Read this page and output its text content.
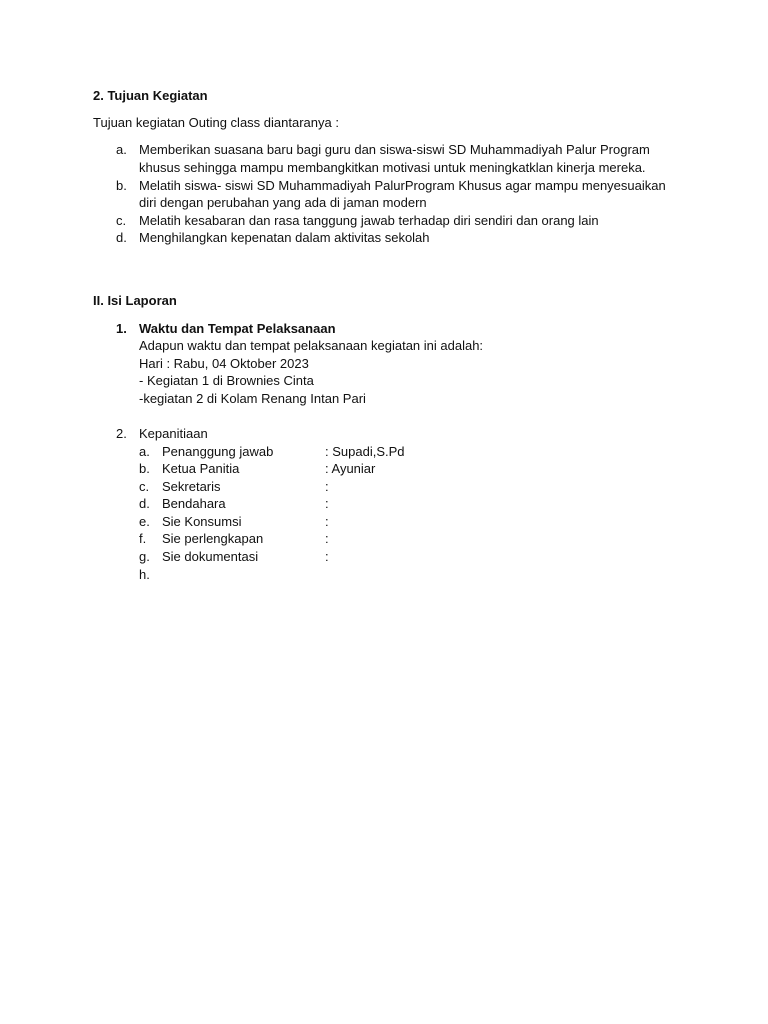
2. Tujuan Kegiatan
Tujuan kegiatan Outing class diantaranya :
a. Memberikan suasana baru bagi guru dan siswa-siswi SD Muhammadiyah Palur Program
khusus sehingga mampu membangkitkan motivasi untuk meningkatklan kinerja mereka.
b. Melatih siswa- siswi SD Muhammadiyah PalurProgram Khusus agar mampu menyesuaikan
diri dengan perubahan yang ada di jaman modern
c. Melatih kesabaran dan rasa tanggung jawab terhadap diri sendiri dan orang lain
d. Menghilangkan kepenatan dalam aktivitas sekolah
II. Isi Laporan
1. Waktu dan Tempat Pelaksanaan
Adapun waktu dan tempat pelaksanaan kegiatan ini adalah:
Hari : Rabu, 04 Oktober 2023
- Kegiatan 1 di Brownies Cinta
-kegiatan 2 di Kolam Renang Intan Pari
2. Kepanitiaan
a. Penanggung jawab	: Supadi,S.Pd
b. Ketua Panitia	: Ayuniar
c. Sekretaris	:
d. Bendahara	:
e. Sie Konsumsi	:
f. Sie perlengkapan	:
g. Sie dokumentasi	:
h.
